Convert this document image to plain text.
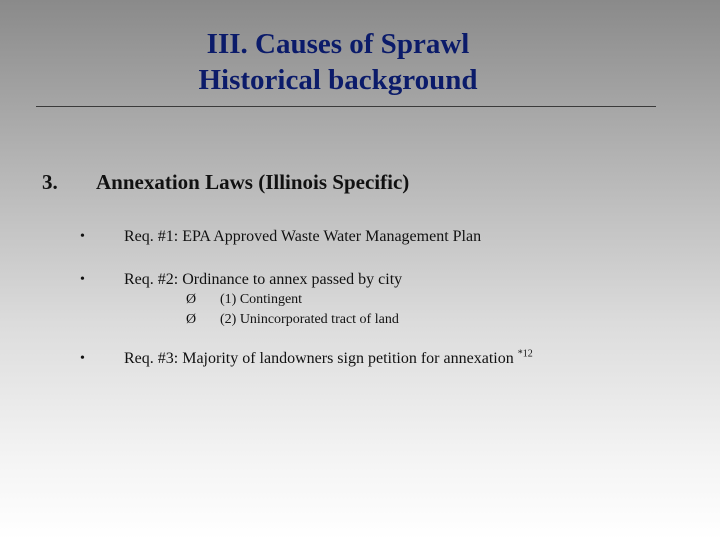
III. Causes of Sprawl
Historical background
3. Annexation Laws (Illinois Specific)
• Req. #1: EPA Approved Waste Water Management Plan
• Req. #2: Ordinance to annex passed by city
Ø (1) Contingent
Ø (2) Unincorporated tract of land
• Req. #3: Majority of landowners sign petition for annexation $^{*12}$
